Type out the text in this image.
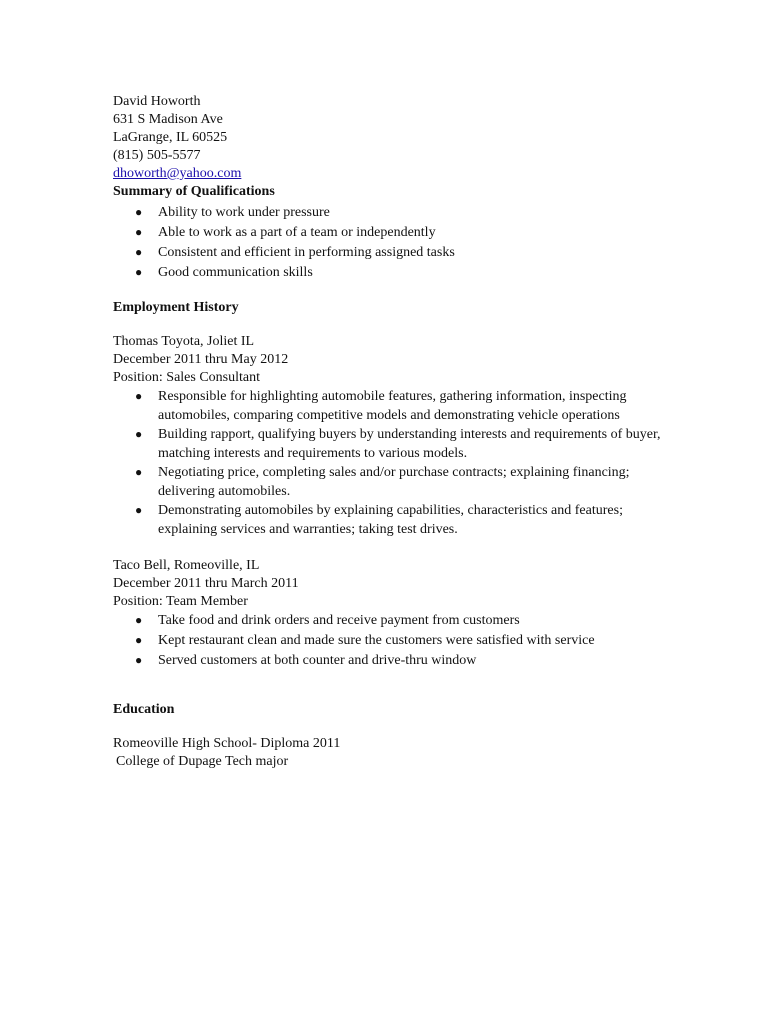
David Howorth
631 S Madison Ave
LaGrange, IL 60525
(815) 505-5577
dhoworth@yahoo.com
Summary of Qualifications
● Ability to work under pressure
● Able to work as a part of a team or independently
● Consistent and efficient in performing assigned tasks
● Good communication skills
Employment History
Thomas Toyota, Joliet IL
December 2011 thru May 2012
Position: Sales Consultant
● Responsible for highlighting automobile features, gathering information, inspecting automobiles, comparing competitive models and demonstrating vehicle operations
● Building rapport, qualifying buyers by understanding interests and requirements of buyer, matching interests and requirements to various models.
● Negotiating price, completing sales and/or purchase contracts; explaining financing; delivering automobiles.
● Demonstrating automobiles by explaining capabilities, characteristics and features; explaining services and warranties; taking test drives.
Taco Bell, Romeoville, IL
December 2011 thru March 2011
Position: Team Member
● Take food and drink orders and receive payment from customers
● Kept restaurant clean and made sure the customers were satisfied with service
● Served customers at both counter and drive-thru window
Education
Romeoville High School- Diploma 2011
College of Dupage Tech major
